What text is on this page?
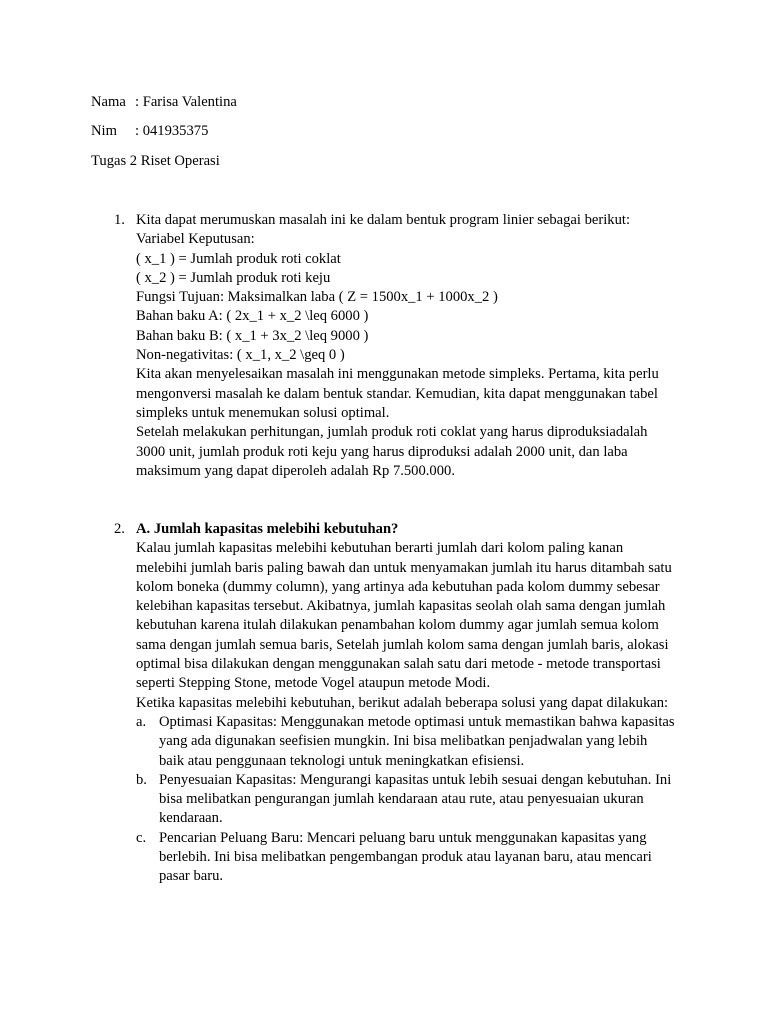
Nama : Farisa Valentina
Nim : 041935375
Tugas 2 Riset Operasi
1. Kita dapat merumuskan masalah ini ke dalam bentuk program linier sebagai berikut:

Variabel Keputusan:

( x_1 ) = Jumlah produk roti coklat

( x_2 ) = Jumlah produk roti keju

Fungsi Tujuan: Maksimalkan laba ( Z = 1500x_1 + 1000x_2 )

Bahan baku A: ( 2x_1 + x_2 \leq 6000 )

Bahan baku B: ( x_1 + 3x_2 \leq 9000 )

Non-negativitas: ( x_1, x_2 \geq 0 )

Kita akan menyelesaikan masalah ini menggunakan metode simpleks. Pertama, kita perlu mengonversi masalah ke dalam bentuk standar. Kemudian, kita dapat menggunakan tabel simpleks untuk menemukan solusi optimal.

Setelah melakukan perhitungan, jumlah produk roti coklat yang harus diproduksiadalah 3000 unit, jumlah produk roti keju yang harus diproduksi adalah 2000 unit, dan laba maksimum yang dapat diperoleh adalah Rp 7.500.000.

2. A. Jumlah kapasitas melebihi kebutuhan?

Kalau jumlah kapasitas melebihi kebutuhan berarti jumlah dari kolom paling kanan melebihi jumlah baris paling bawah dan untuk menyamakan jumlah itu harus ditambah satu kolom boneka (dummy column), yang artinya ada kebutuhan pada kolom dummy sebesar kelebihan kapasitas tersebut. Akibatnya, jumlah kapasitas seolah olah sama dengan jumlah kebutuhan karena itulah dilakukan penambahan kolom dummy agar jumlah semua kolom sama dengan jumlah semua baris, Setelah jumlah kolom sama dengan jumlah baris, alokasi optimal bisa dilakukan dengan menggunakan salah satu dari metode - metode transportasi seperti Stepping Stone, metode Vogel ataupun metode Modi.

Ketika kapasitas melebihi kebutuhan, berikut adalah beberapa solusi yang dapat dilakukan:

a. Optimasi Kapasitas: Menggunakan metode optimasi untuk memastikan bahwa kapasitas yang ada digunakan seefisien mungkin. Ini bisa melibatkan penjadwalan yang lebih baik atau penggunaan teknologi untuk meningkatkan efisiensi.
b. Penyesuaian Kapasitas: Mengurangi kapasitas untuk lebih sesuai dengan kebutuhan. Ini bisa melibatkan pengurangan jumlah kendaraan atau rute, atau penyesuaian ukuran kendaraan.
c. Pencarian Peluang Baru: Mencari peluang baru untuk menggunakan kapasitas yang berlebih. Ini bisa melibatkan pengembangan produk atau layanan baru, atau mencari pasar baru.
